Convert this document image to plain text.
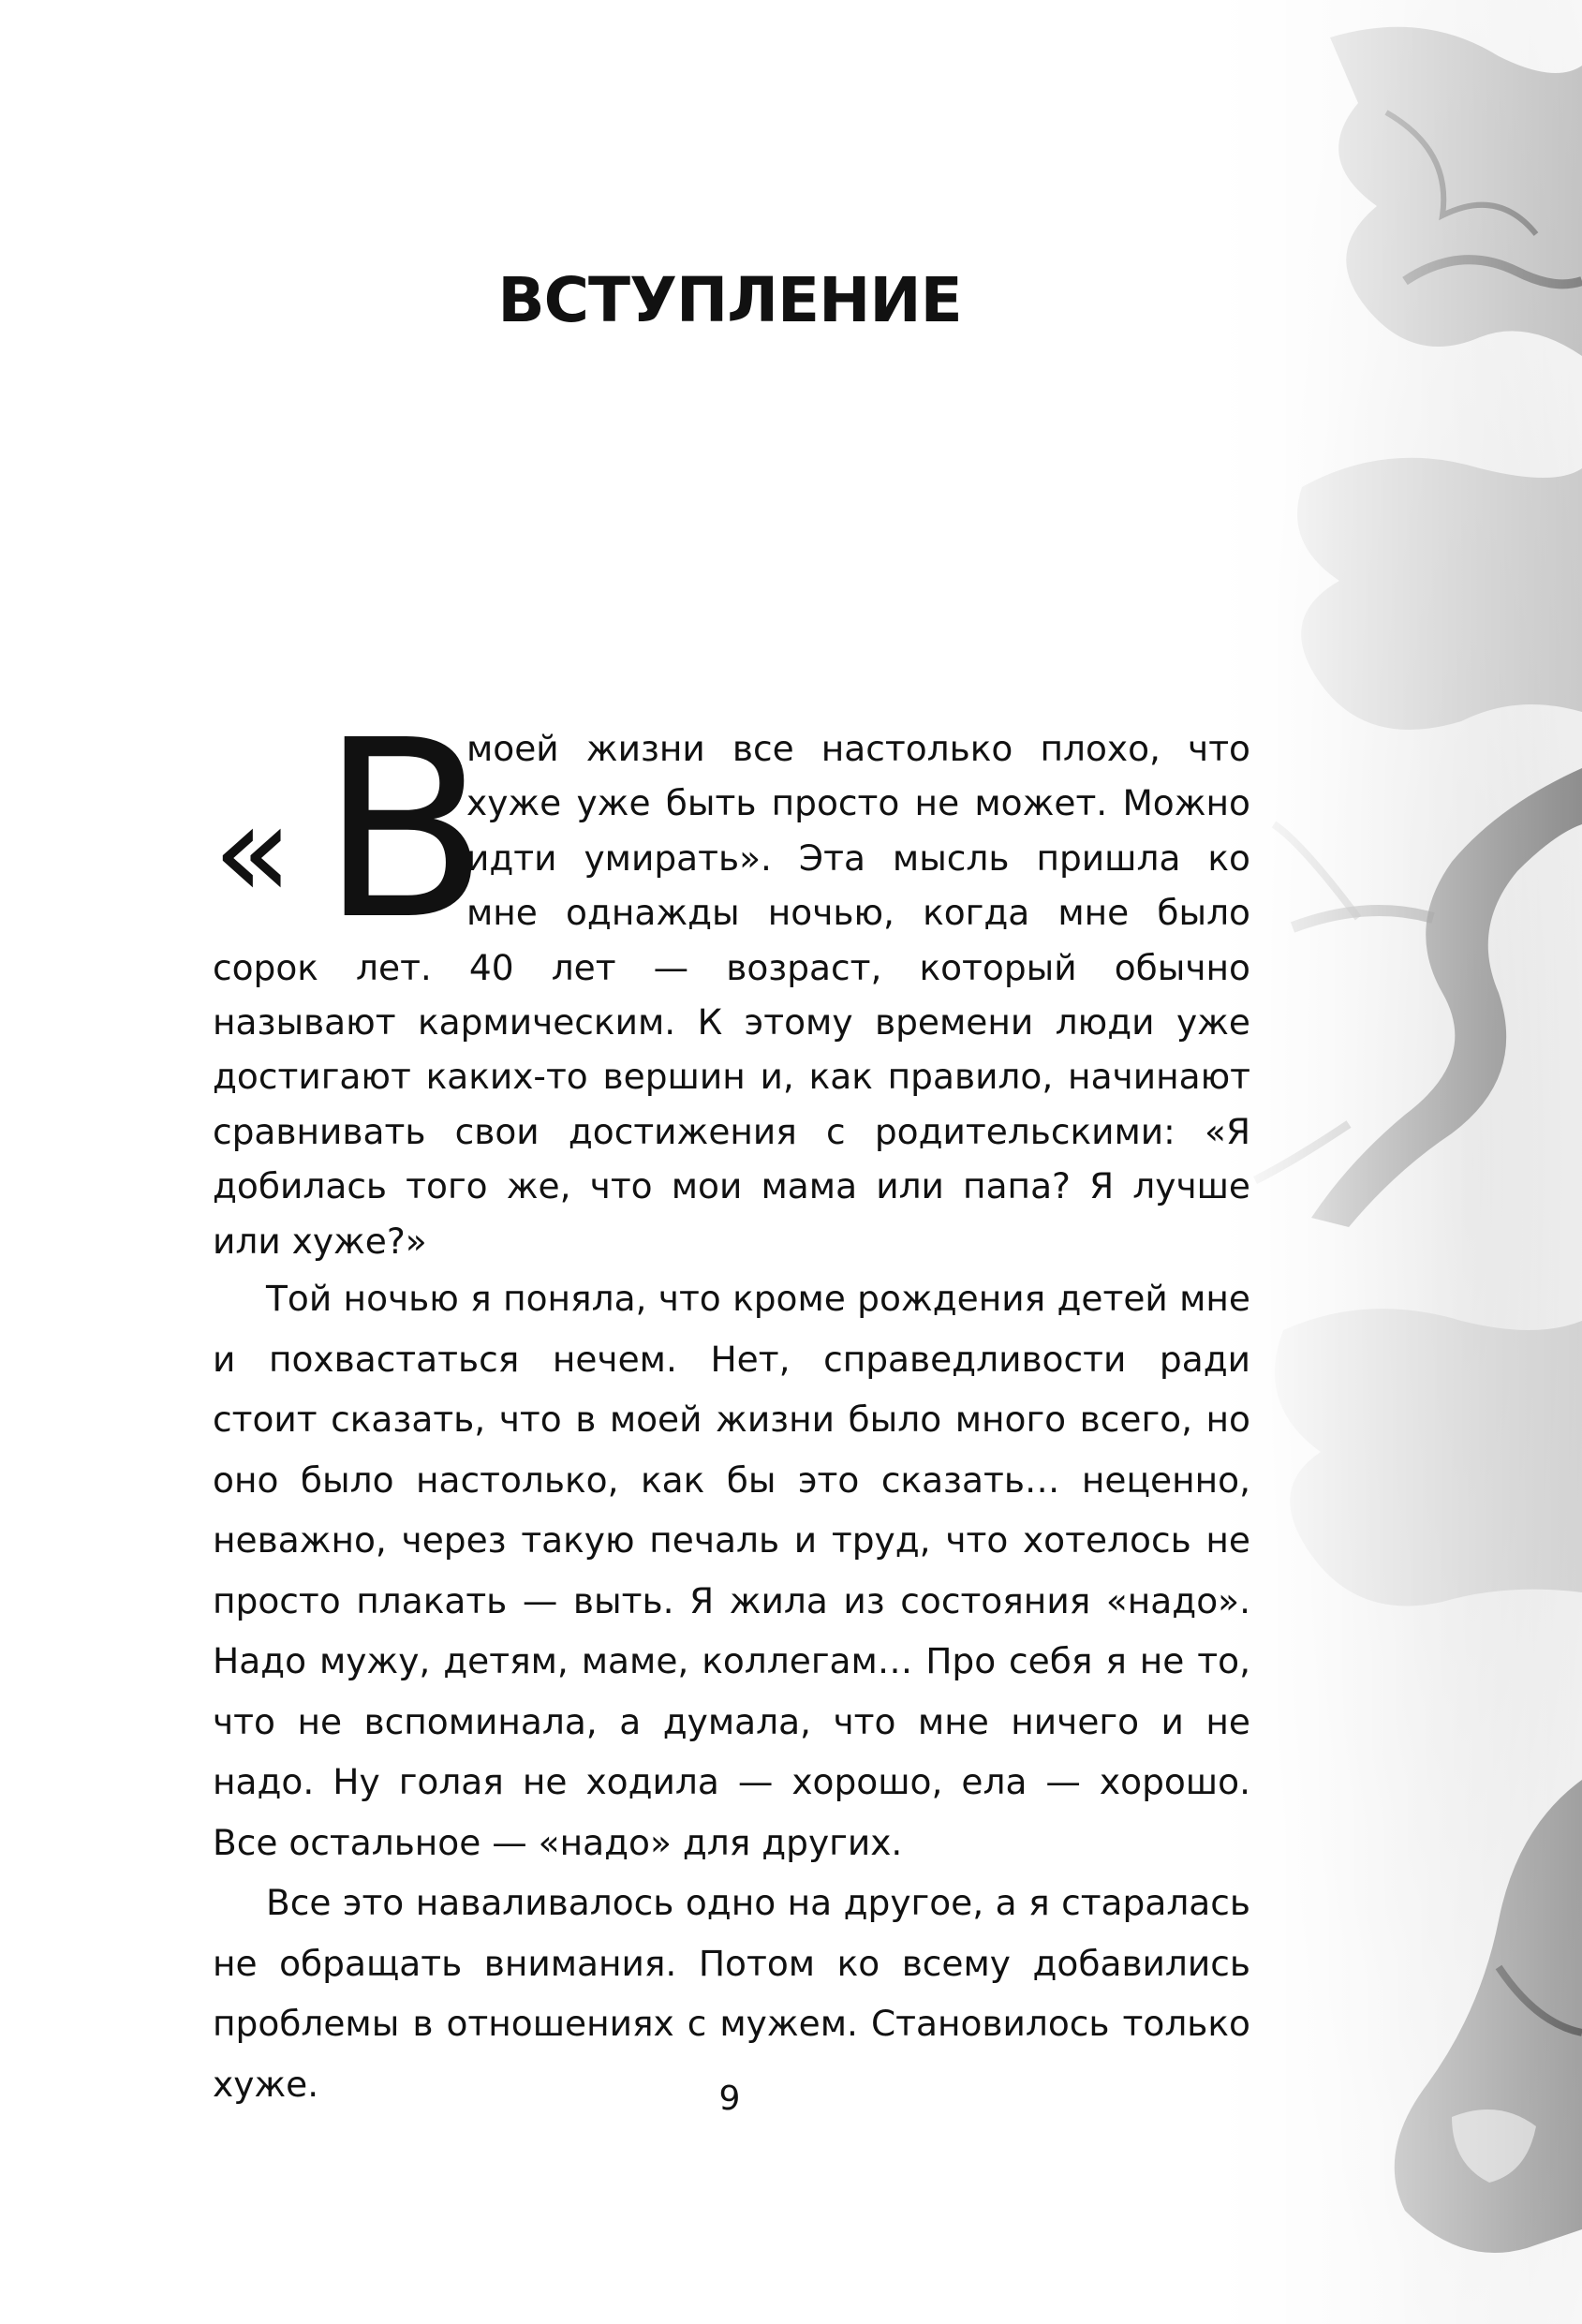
ВСТУПЛЕНИЕ

« В
моей жизни все настолько плохо, что хуже уже быть просто не может. Можно идти умирать». Эта мысль пришла ко мне однажды ночью, когда мне было сорок лет. 40 лет — возраст, который обычно называют кармическим. К этому времени люди уже достигают каких-то вершин и, как правило, начинают сравнивать свои достижения с родительскими: «Я добилась того же, что мои мама или папа? Я лучше или хуже?»

Той ночью я поняла, что кроме рождения детей мне и похвастаться нечем. Нет, справедливости ради стоит сказать, что в моей жизни было много всего, но оно было настолько, как бы это сказать… неценно, неважно, через такую печаль и труд, что хотелось не просто плакать — выть. Я жила из состояния «надо». Надо мужу, детям, маме, коллегам… Про себя я не то, что не вспоминала, а думала, что мне ничего и не надо. Ну голая не ходила — хорошо, ела — хорошо. Все остальное — «надо» для других.

Все это наваливалось одно на другое, а я старалась не обращать внимания. Потом ко всему добавились проблемы в отношениях с мужем. Становилось только хуже.	9
